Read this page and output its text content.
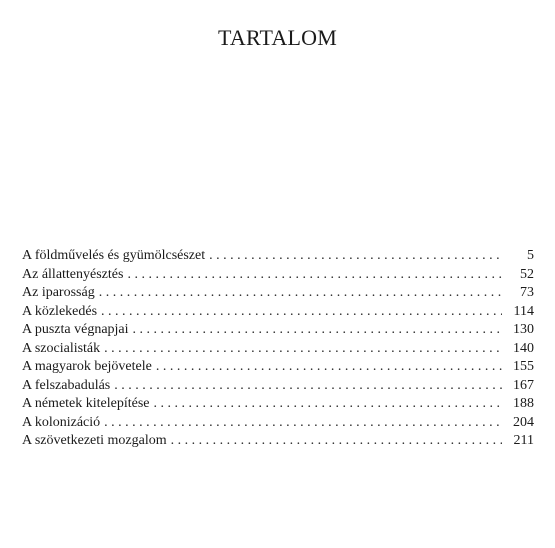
TARTALOM
A földművelés és gyümölcsészet . . .	5
Az állattenyésztés . . .	52
Az iparosság . . .	73
A közlekedés . . .	114
A puszta végnapjai . . .	130
A szocialisták . . .	140
A magyarok bejövetele . . .	155
A felszabadulás . . .	167
A németek kitelepítése . . .	188
A kolonizáció . . .	204
A szövetkezeti mozgalom . . .	211
